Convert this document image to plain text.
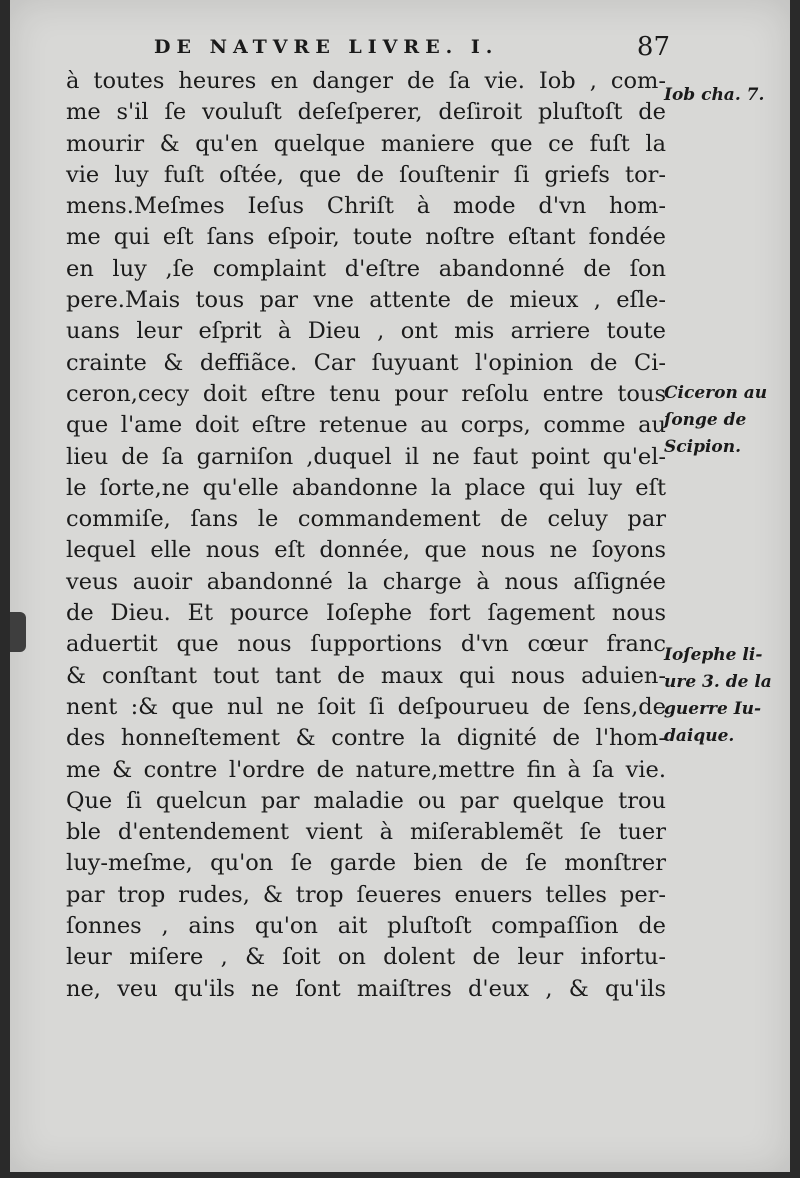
DE NATVRE LIVRE. I.	87
à toutes heures en danger de ſa vie. Iob , com-
me s'il ſe vouluſt deſeſperer, deſiroit pluſtoſt de
mourir & qu'en quelque maniere que ce fuſt la
vie luy fuſt oſtée, que de ſouſtenir ſi griefs tor-
mens.Meſmes Ieſus Chriſt à mode d'vn hom-
me qui eſt ſans eſpoir, toute noſtre eſtant fondée
en luy ,ſe complaint d'eſtre abandonné de ſon
pere.Mais tous par vne attente de mieux , eſle-
uans leur eſprit à Dieu , ont mis arriere toute
crainte & deffiãce. Car ſuyuant l'opinion de Ci-
ceron,cecy doit eſtre tenu pour reſolu entre tous
que l'ame doit eſtre retenue au corps, comme au
lieu de ſa garniſon ,duquel il ne faut point qu'el-
le ſorte,ne qu'elle abandonne la place qui luy eſt
commiſe, ſans le commandement de celuy par
lequel elle nous eſt donnée, que nous ne ſoyons
veus auoir abandonné la charge à nous aſſignée
de Dieu. Et pource Ioſephe fort ſagement nous
aduertit que nous ſupportions d'vn cœur franc
& conſtant tout tant de maux qui nous aduien-
nent :& que nul ne ſoit ſi deſpourueu de ſens,de
des honneſtement & contre la dignité de l'hom-
me & contre l'ordre de nature,mettre fin à ſa vie.
Que ſi quelcun par maladie ou par quelque trou
ble d'entendement vient à miſerablemẽt ſe tuer
luy-meſme, qu'on ſe garde bien de ſe monſtrer
par trop rudes, & trop ſeueres enuers telles per-
ſonnes , ains qu'on ait pluſtoſt compaſſion de
leur miſere , & ſoit on dolent de leur infortu-
ne, veu qu'ils ne ſont maiſtres d'eux , & qu'ils
Iob cha. 7.
Ciceron au
ſonge de
Scipion.
Ioſephe li-
ure 3. de la
guerre Iu-
daique.
